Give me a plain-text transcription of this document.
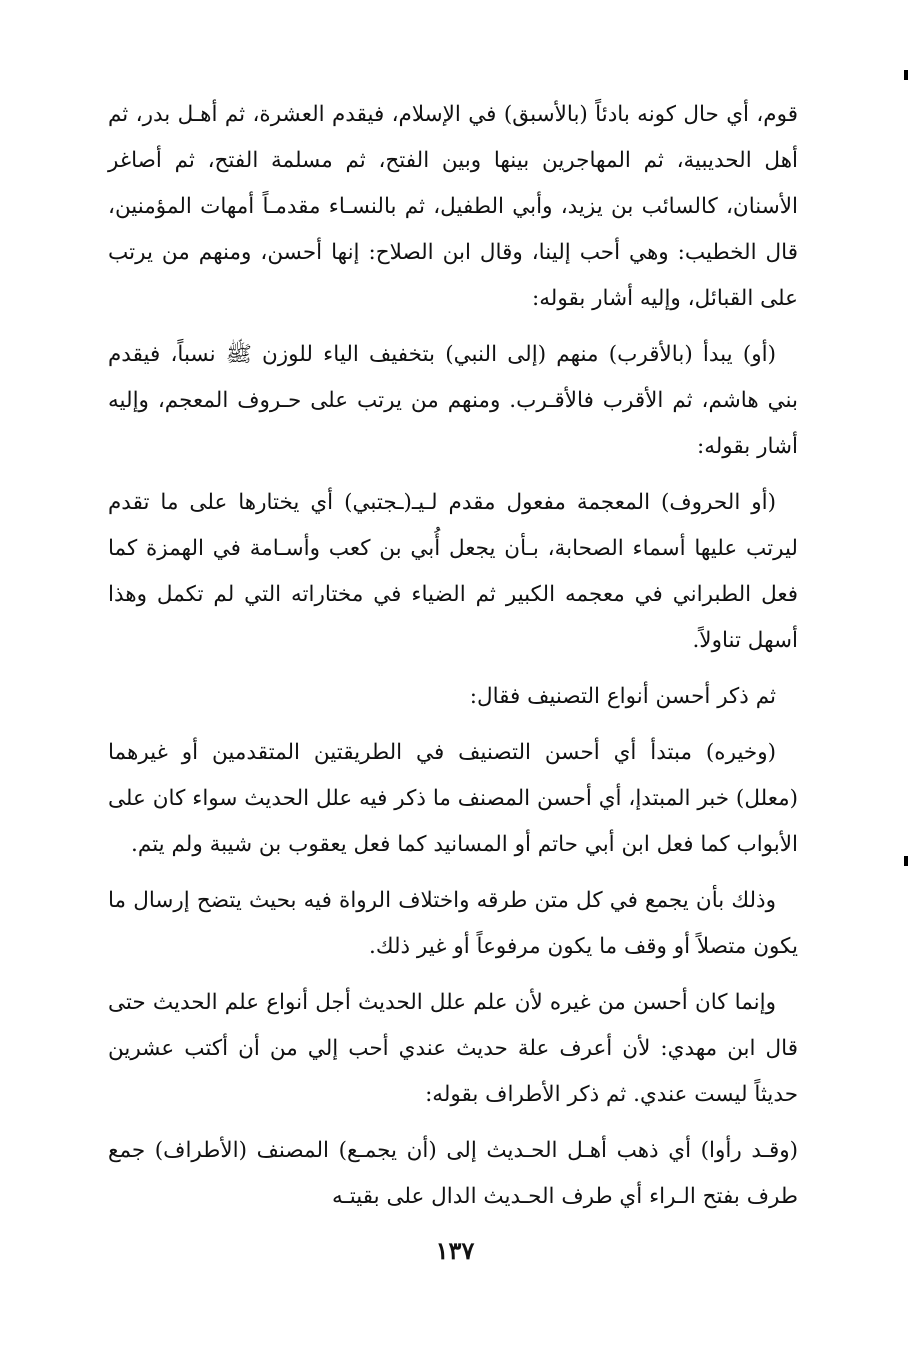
قوم، أي حال كونه بادئاً (بالأسبق) في الإسلام، فيقدم العشرة، ثم أهـل بدر، ثم أهل الحديبية، ثم المهاجرين بينها وبين الفتح، ثم مسلمة الفتح، ثم أصاغر الأسنان، كالسائب بن يزيد، وأبي الطفيل، ثم بالنسـاء مقدمـاً أمهات المؤمنين، قال الخطيب: وهي أحب إلينا، وقال ابن الصلاح: إنها أحسن، ومنهم من يرتب على القبائل، وإليه أشار بقوله:

(أو) يبدأ (بالأقرب) منهم (إلى النبي) بتخفيف الياء للوزن ﷺ نسباً، فيقدم بني هاشم، ثم الأقرب فالأقـرب. ومنهم من يرتب على حـروف المعجم، وإليه أشار بقوله:

(أو الحروف) المعجمة مفعول مقدم لـيـ(ـجتبي) أي يختارها على ما تقدم ليرتب عليها أسماء الصحابة، بـأن يجعل أُبي بن كعب وأسـامة في الهمزة كما فعل الطبراني في معجمه الكبير ثم الضياء في مختاراته التي لم تكمل وهذا أسهل تناولاً.

ثم ذكر أحسن أنواع التصنيف فقال:

(وخيره) مبتدأ أي أحسن التصنيف في الطريقتين المتقدمين أو غيرهما (معلل) خبر المبتدإ، أي أحسن المصنف ما ذكر فيه علل الحديث سواء كان على الأبواب كما فعل ابن أبي حاتم أو المسانيد كما فعل يعقوب بن شيبة ولم يتم.

وذلك بأن يجمع في كل متن طرقه واختلاف الرواة فيه بحيث يتضح إرسال ما يكون متصلاً أو وقف ما يكون مرفوعاً أو غير ذلك.

وإنما كان أحسن من غيره لأن علم علل الحديث أجل أنواع علم الحديث حتى قال ابن مهدي: لأن أعرف علة حديث عندي أحب إلي من أن أكتب عشرين حديثاً ليست عندي. ثم ذكر الأطراف بقوله:

(وقـد رأوا) أي ذهب أهـل الحـديث إلى (أن يجمـع) المصنف (الأطراف) جمع طرف بفتح الـراء أي طرف الحـديث الدال على بقيتـه

١٣٧
